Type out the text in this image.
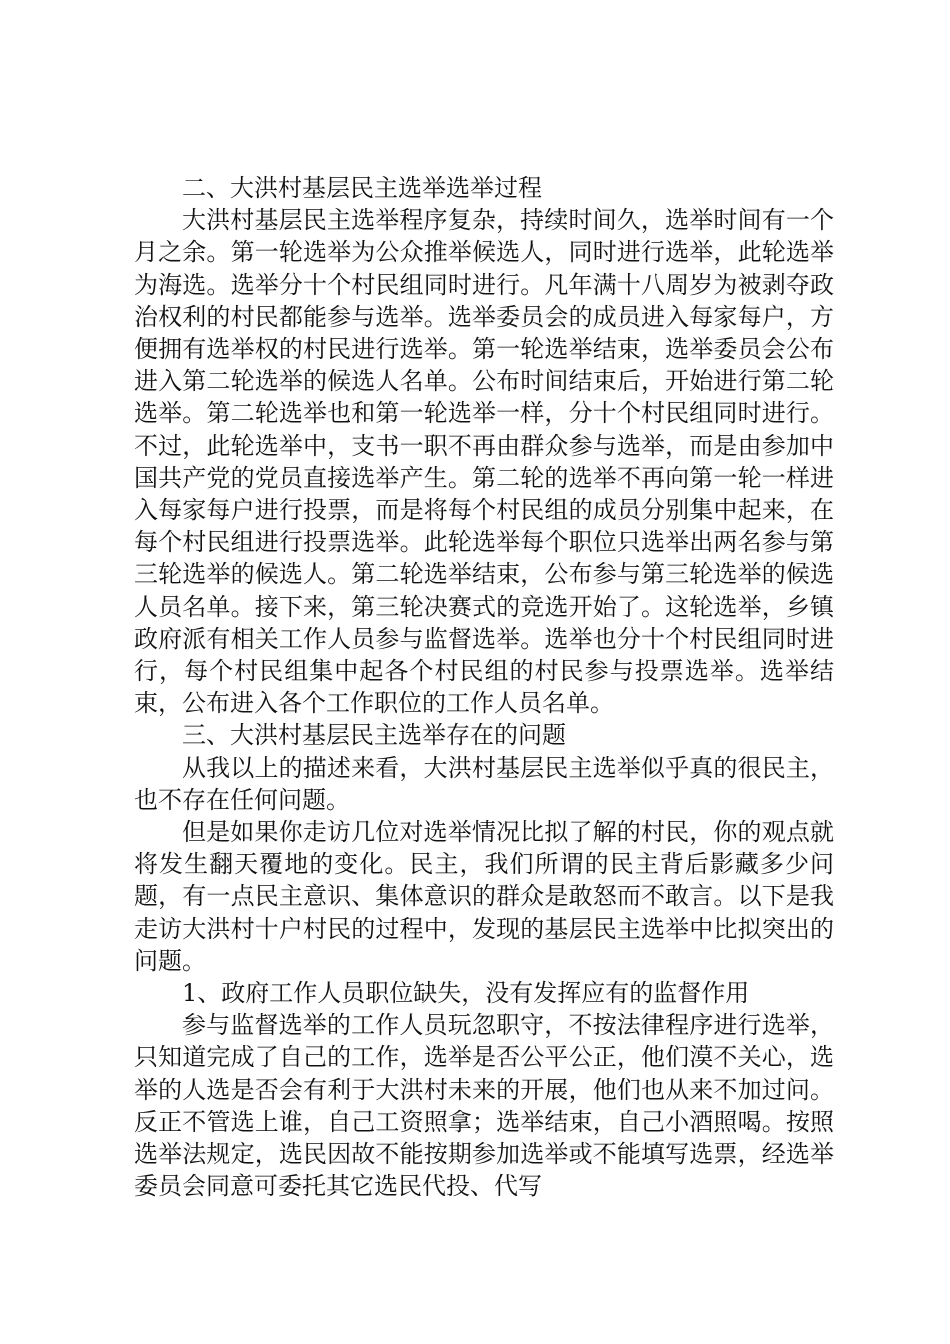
二、大洪村基层民主选举选举过程

大洪村基层民主选举程序复杂，持续时间久，选举时间有一个月之余。第一轮选举为公众推举候选人，同时进行选举，此轮选举为海选。选举分十个村民组同时进行。凡年满十八周岁为被剥夺政治权利的村民都能参与选举。选举委员会的成员进入每家每户，方便拥有选举权的村民进行选举。第一轮选举结束，选举委员会公布进入第二轮选举的候选人名单。公布时间结束后，开始进行第二轮选举。第二轮选举也和第一轮选举一样，分十个村民组同时进行。不过，此轮选举中，支书一职不再由群众参与选举，而是由参加中国共产党的党员直接选举产生。第二轮的选举不再向第一轮一样进入每家每户进行投票，而是将每个村民组的成员分别集中起来，在每个村民组进行投票选举。此轮选举每个职位只选举出两名参与第三轮选举的候选人。第二轮选举结束，公布参与第三轮选举的候选人员名单。接下来，第三轮决赛式的竞选开始了。这轮选举，乡镇政府派有相关工作人员参与监督选举。选举也分十个村民组同时进行，每个村民组集中起各个村民组的村民参与投票选举。选举结束，公布进入各个工作职位的工作人员名单。

三、大洪村基层民主选举存在的问题

从我以上的描述来看，大洪村基层民主选举似乎真的很民主，也不存在任何问题。

但是如果你走访几位对选举情况比拟了解的村民，你的观点就将发生翻天覆地的变化。民主，我们所谓的民主背后影藏多少问题，有一点民主意识、集体意识的群众是敢怒而不敢言。以下是我走访大洪村十户村民的过程中，发现的基层民主选举中比拟突出的问题。

1、政府工作人员职位缺失，没有发挥应有的监督作用

参与监督选举的工作人员玩忽职守，不按法律程序进行选举，只知道完成了自己的工作，选举是否公平公正，他们漠不关心，选举的人选是否会有利于大洪村未来的开展，他们也从来不加过问。反正不管选上谁，自己工资照拿；选举结束，自己小酒照喝。按照选举法规定，选民因故不能按期参加选举或不能填写选票，经选举委员会同意可委托其它选民代投、代写
